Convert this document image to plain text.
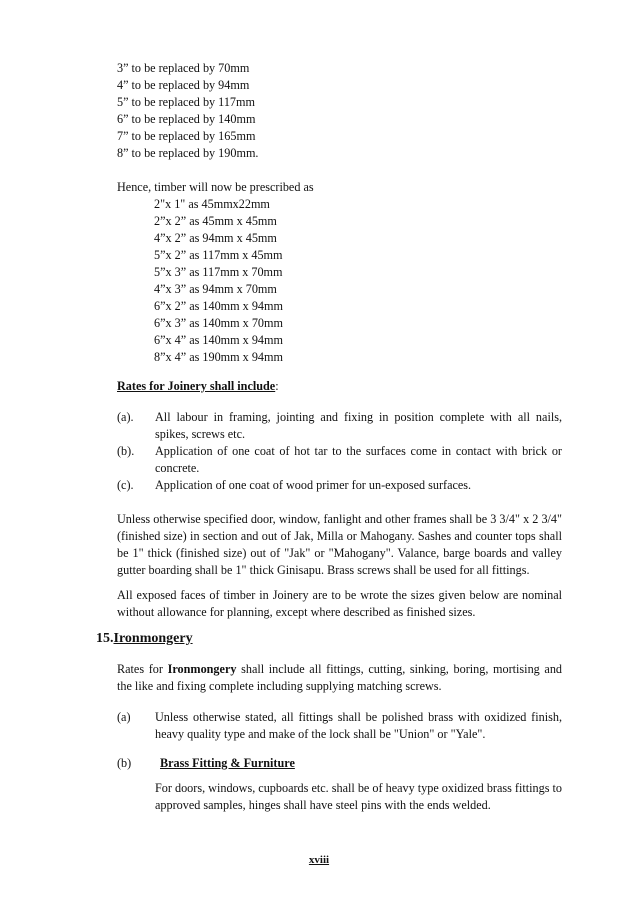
3” to be replaced by 70mm
4” to be replaced by 94mm
5” to be replaced by 117mm
6” to be replaced by 140mm
7” to be replaced by 165mm
8” to be replaced by 190mm.
Hence, timber will now be prescribed as
2"x 1" as 45mmx22mm
2”x 2” as 45mm x 45mm
4”x 2” as 94mm x 45mm
5”x 2” as 117mm x 45mm
5”x 3” as 117mm x 70mm
4”x 3” as 94mm x 70mm
6”x 2” as 140mm x 94mm
6”x 3” as 140mm x 70mm
6”x 4” as 140mm x 94mm
8”x 4” as 190mm x 94mm
Rates for Joinery shall include:
(a). All labour in framing, jointing and fixing in position complete with all nails, spikes, screws etc.
(b). Application of one coat of hot tar to the surfaces come in contact with brick or concrete.
(c). Application of one coat of wood primer for un-exposed surfaces.
Unless otherwise specified door, window, fanlight and other frames shall be 3 3/4" x 2 3/4" (finished size) in section and out of Jak, Milla or Mahogany. Sashes and counter tops shall be 1" thick (finished size) out of "Jak" or "Mahogany". Valance, barge boards and valley gutter boarding shall be 1" thick Ginisapu. Brass screws shall be used for all fittings.
All exposed faces of timber in Joinery are to be wrote the sizes given below are nominal without allowance for planning, except where described as finished sizes.
15.Ironmongery
Rates for Ironmongery shall include all fittings, cutting, sinking, boring, mortising and the like and fixing complete including supplying matching screws.
(a) Unless otherwise stated, all fittings shall be polished brass with oxidized finish, heavy quality type and make of the lock shall be "Union" or "Yale".
(b)	Brass Fitting & Furniture
For doors, windows, cupboards etc. shall be of heavy type oxidized brass fittings to approved samples, hinges shall have steel pins with the ends welded.
xviii
